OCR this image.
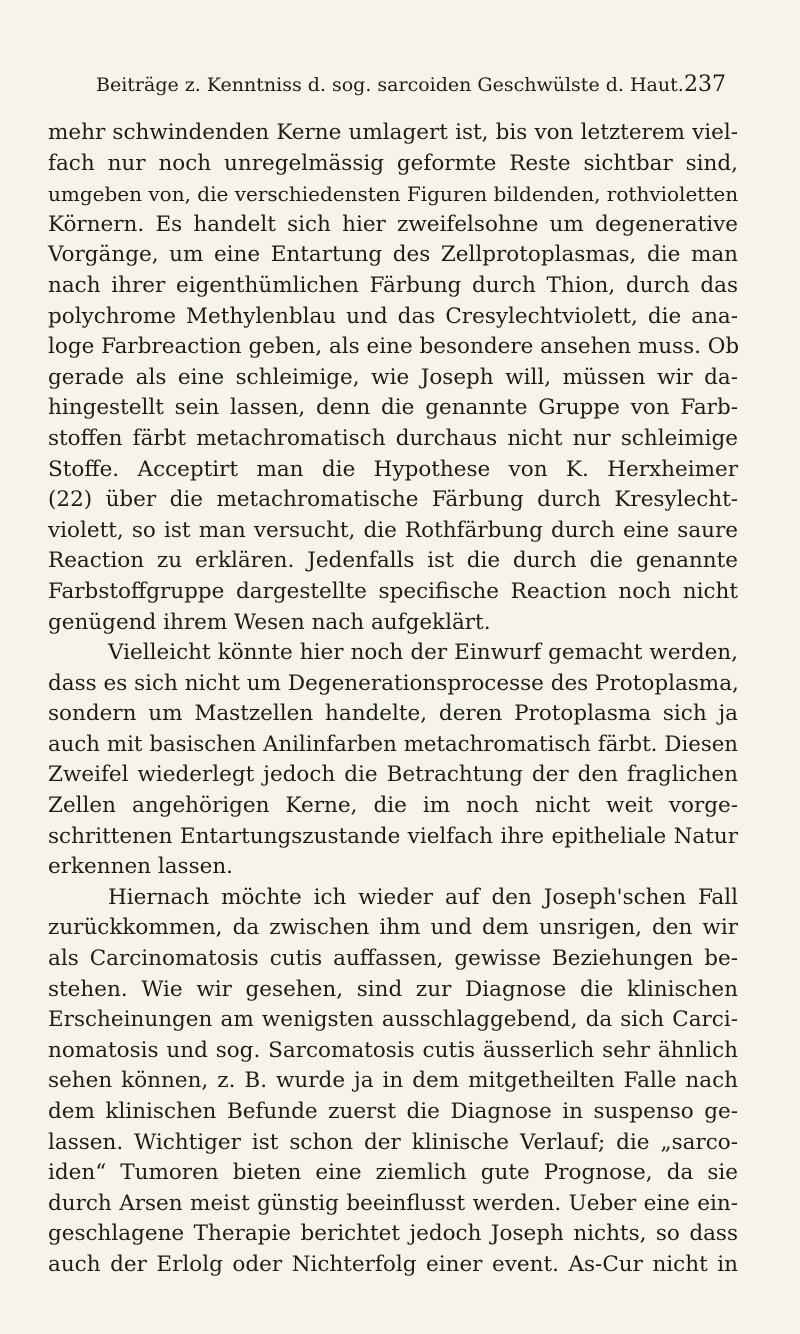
Beiträge z. Kenntniss d. sog. sarcoiden Geschwülste d. Haut. 237

mehr schwindenden Kerne umlagert ist, bis von letzterem viel-
fach nur noch unregelmässig geformte Reste sichtbar sind,
umgeben von, die verschiedensten Figuren bildenden, rothvioletten
Körnern. Es handelt sich hier zweifelsohne um degenerative
Vorgänge, um eine Entartung des Zellprotoplasmas, die man
nach ihrer eigenthümlichen Färbung durch Thion, durch das
polychrome Methylenblau und das Cresylechtviolett, die ana-
loge Farbreaction geben, als eine besondere ansehen muss. Ob
gerade als eine schleimige, wie Joseph will, müssen wir da-
hingestellt sein lassen, denn die genannte Gruppe von Farb-
stoffen färbt metachromatisch durchaus nicht nur schleimige
Stoffe. Acceptirt man die Hypothese von K. Herxheimer
(22) über die metachromatische Färbung durch Kresylecht-
violett, so ist man versucht, die Rothfärbung durch eine saure
Reaction zu erklären. Jedenfalls ist die durch die genannte
Farbstoffgruppe dargestellte specifische Reaction noch nicht
genügend ihrem Wesen nach aufgeklärt.

Vielleicht könnte hier noch der Einwurf gemacht werden,
dass es sich nicht um Degenerationsprocesse des Protoplasma,
sondern um Mastzellen handelte, deren Protoplasma sich ja
auch mit basischen Anilinfarben metachromatisch färbt. Diesen
Zweifel wiederlegt jedoch die Betrachtung der den fraglichen
Zellen angehörigen Kerne, die im noch nicht weit vorge-
schrittenen Entartungszustande vielfach ihre epitheliale Natur
erkennen lassen.

Hiernach möchte ich wieder auf den Joseph'schen Fall
zurückkommen, da zwischen ihm und dem unsrigen, den wir
als Carcinomatosis cutis auffassen, gewisse Beziehungen be-
stehen. Wie wir gesehen, sind zur Diagnose die klinischen
Erscheinungen am wenigsten ausschlaggebend, da sich Carci-
nomatosis und sog. Sarcomatosis cutis äusserlich sehr ähnlich
sehen können, z. B. wurde ja in dem mitgetheilten Falle nach
dem klinischen Befunde zuerst die Diagnose in suspenso ge-
lassen. Wichtiger ist schon der klinische Verlauf; die „sarco-
iden“ Tumoren bieten eine ziemlich gute Prognose, da sie
durch Arsen meist günstig beeinflusst werden. Ueber eine ein-
geschlagene Therapie berichtet jedoch Joseph nichts, so dass
auch der Erlolg oder Nichterfolg einer event. As-Cur nicht in
